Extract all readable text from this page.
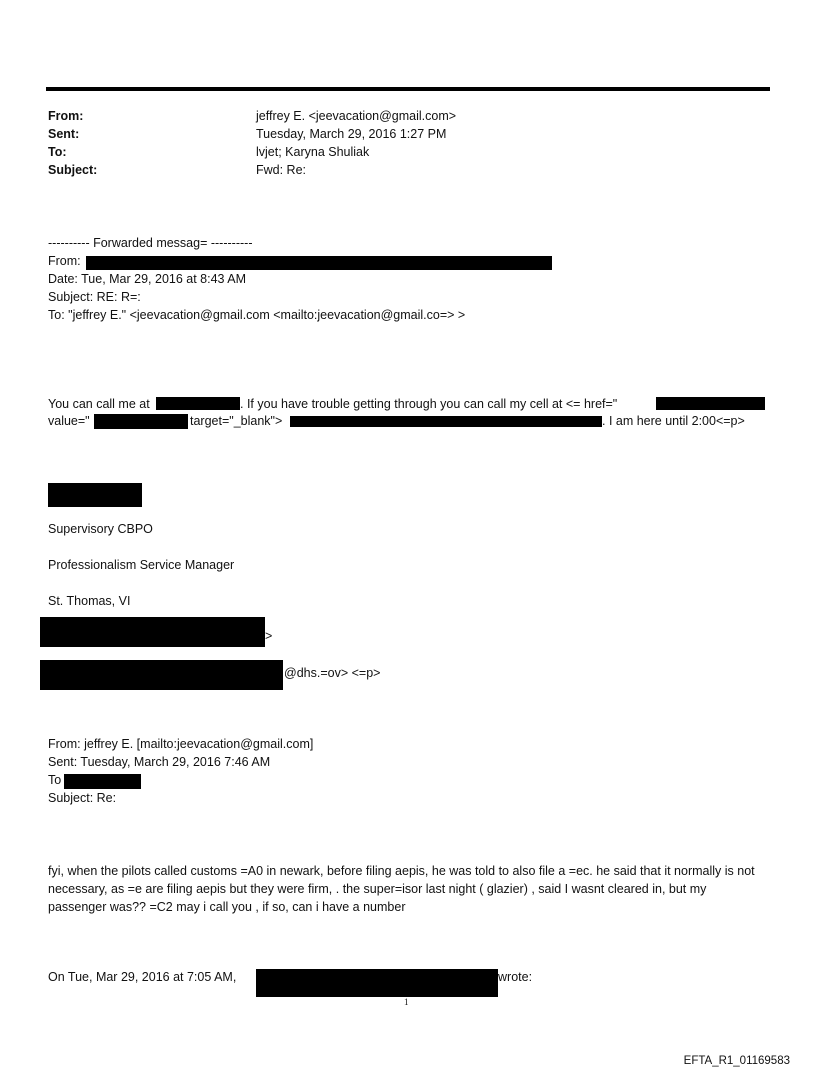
From:	jeffrey E. <jeevacation@gmail.com>
Sent:	Tuesday, March 29, 2016 1:27 PM
To:	lvjet; Karyna Shuliak
Subject:	Fwd: Re:
---------- Forwarded messag= ----------
From:
Date: Tue, Mar 29, 2016 at 8:43 AM
Subject: RE: R=:
To: "jeffrey E." <jeevacation@gmail.com <mailto:jeevacation@gmail.co=> >
You can call me at	. If you have trouble getting through you can call my cell at <= href="
value="	target="_blank">	. I am here until 2:00<=p>
Supervisory CBPO
Professionalism Service Manager
St. Thomas, VI
>
@dhs.=ov> <=p>
From: jeffrey E. [mailto:jeevacation@gmail.com]
Sent: Tuesday, March 29, 2016 7:46 AM
To
Subject: Re:
fyi, when the pilots called customs =A0 in newark, before filing aepis, he was told to also file a =ec. he said that it normally is not necessary, as =e are filing aepis but they were firm, . the super=isor last night ( glazier) , said I wasnt cleared in, but my passenger was?? =C2 may i call you , if so, can i have a number
On Tue, Mar 29, 2016 at 7:05 AM,	wrote:
1
EFTA_R1_01169583
